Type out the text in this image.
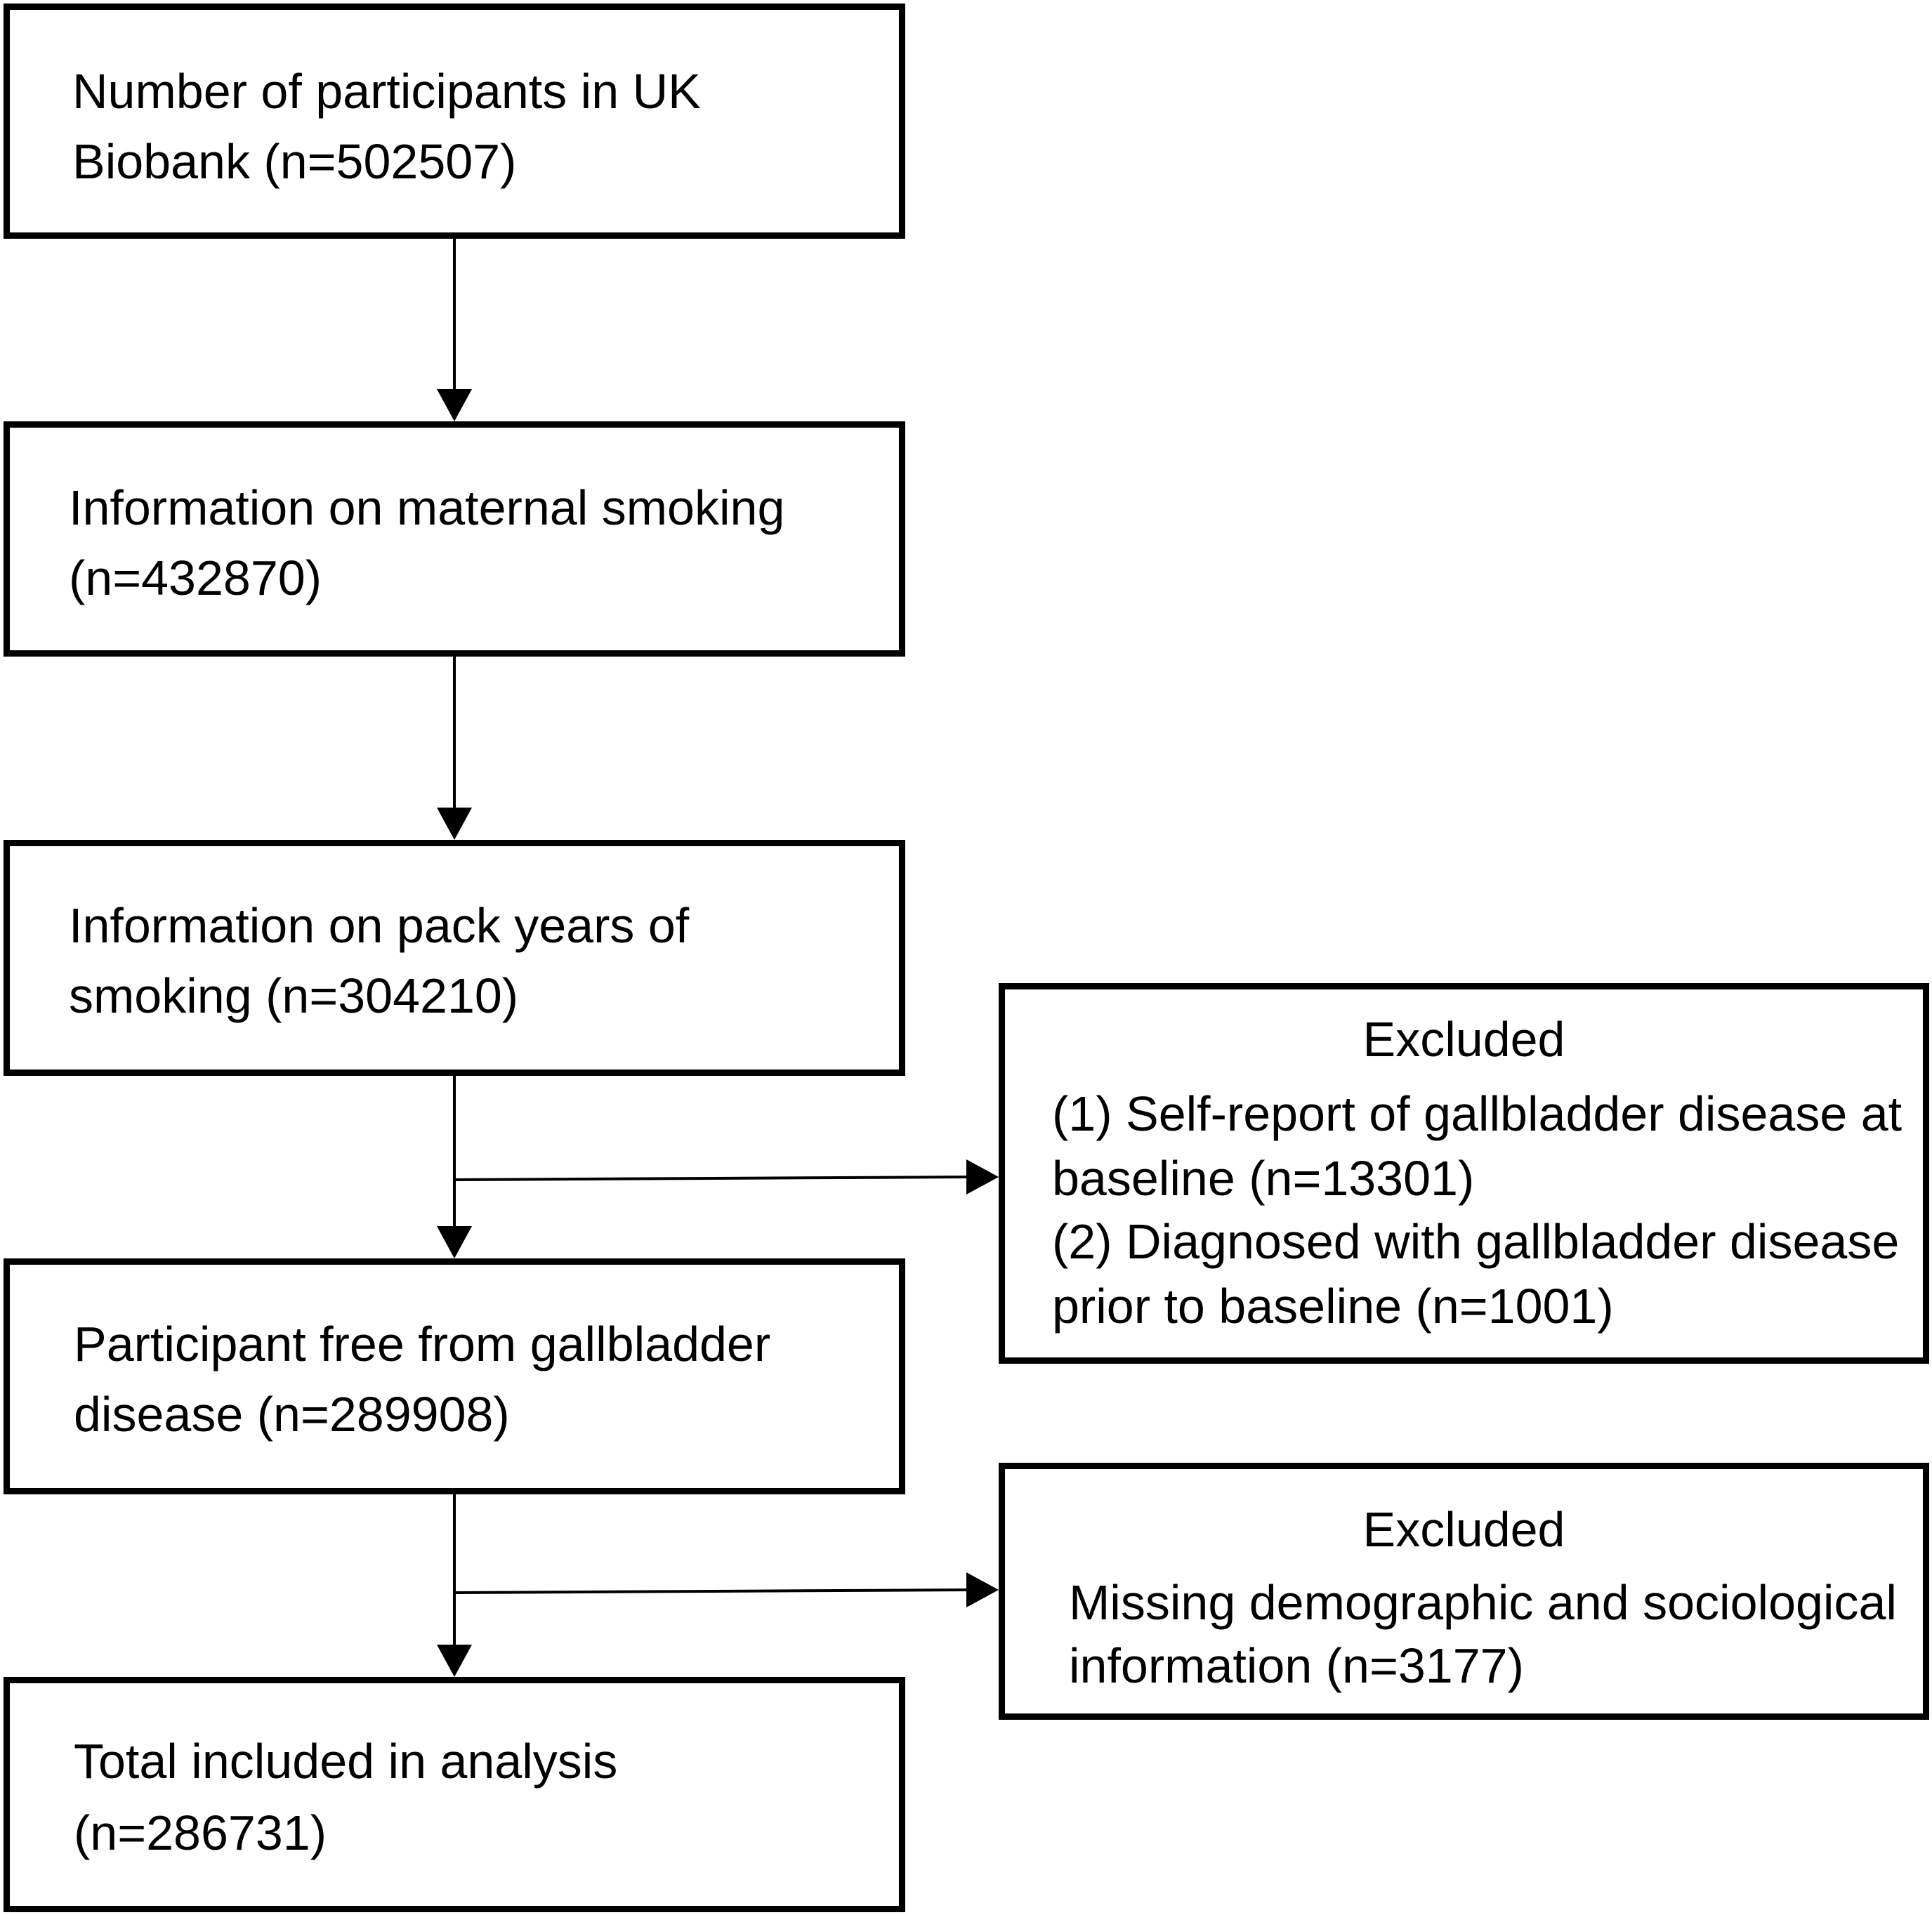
Number of participants in UK
Biobank (n=502507)
Information on maternal smoking
(n=432870)
Information on pack years of
smoking (n=304210)
Participant free from gallbladder
disease (n=289908)
Total included in analysis
(n=286731)
Excluded
(1) Self-report of gallbladder disease at
baseline (n=13301)
(2) Diagnosed with gallbladder disease
prior to baseline (n=1001)
Excluded
Missing demographic and sociological
information (n=3177)
